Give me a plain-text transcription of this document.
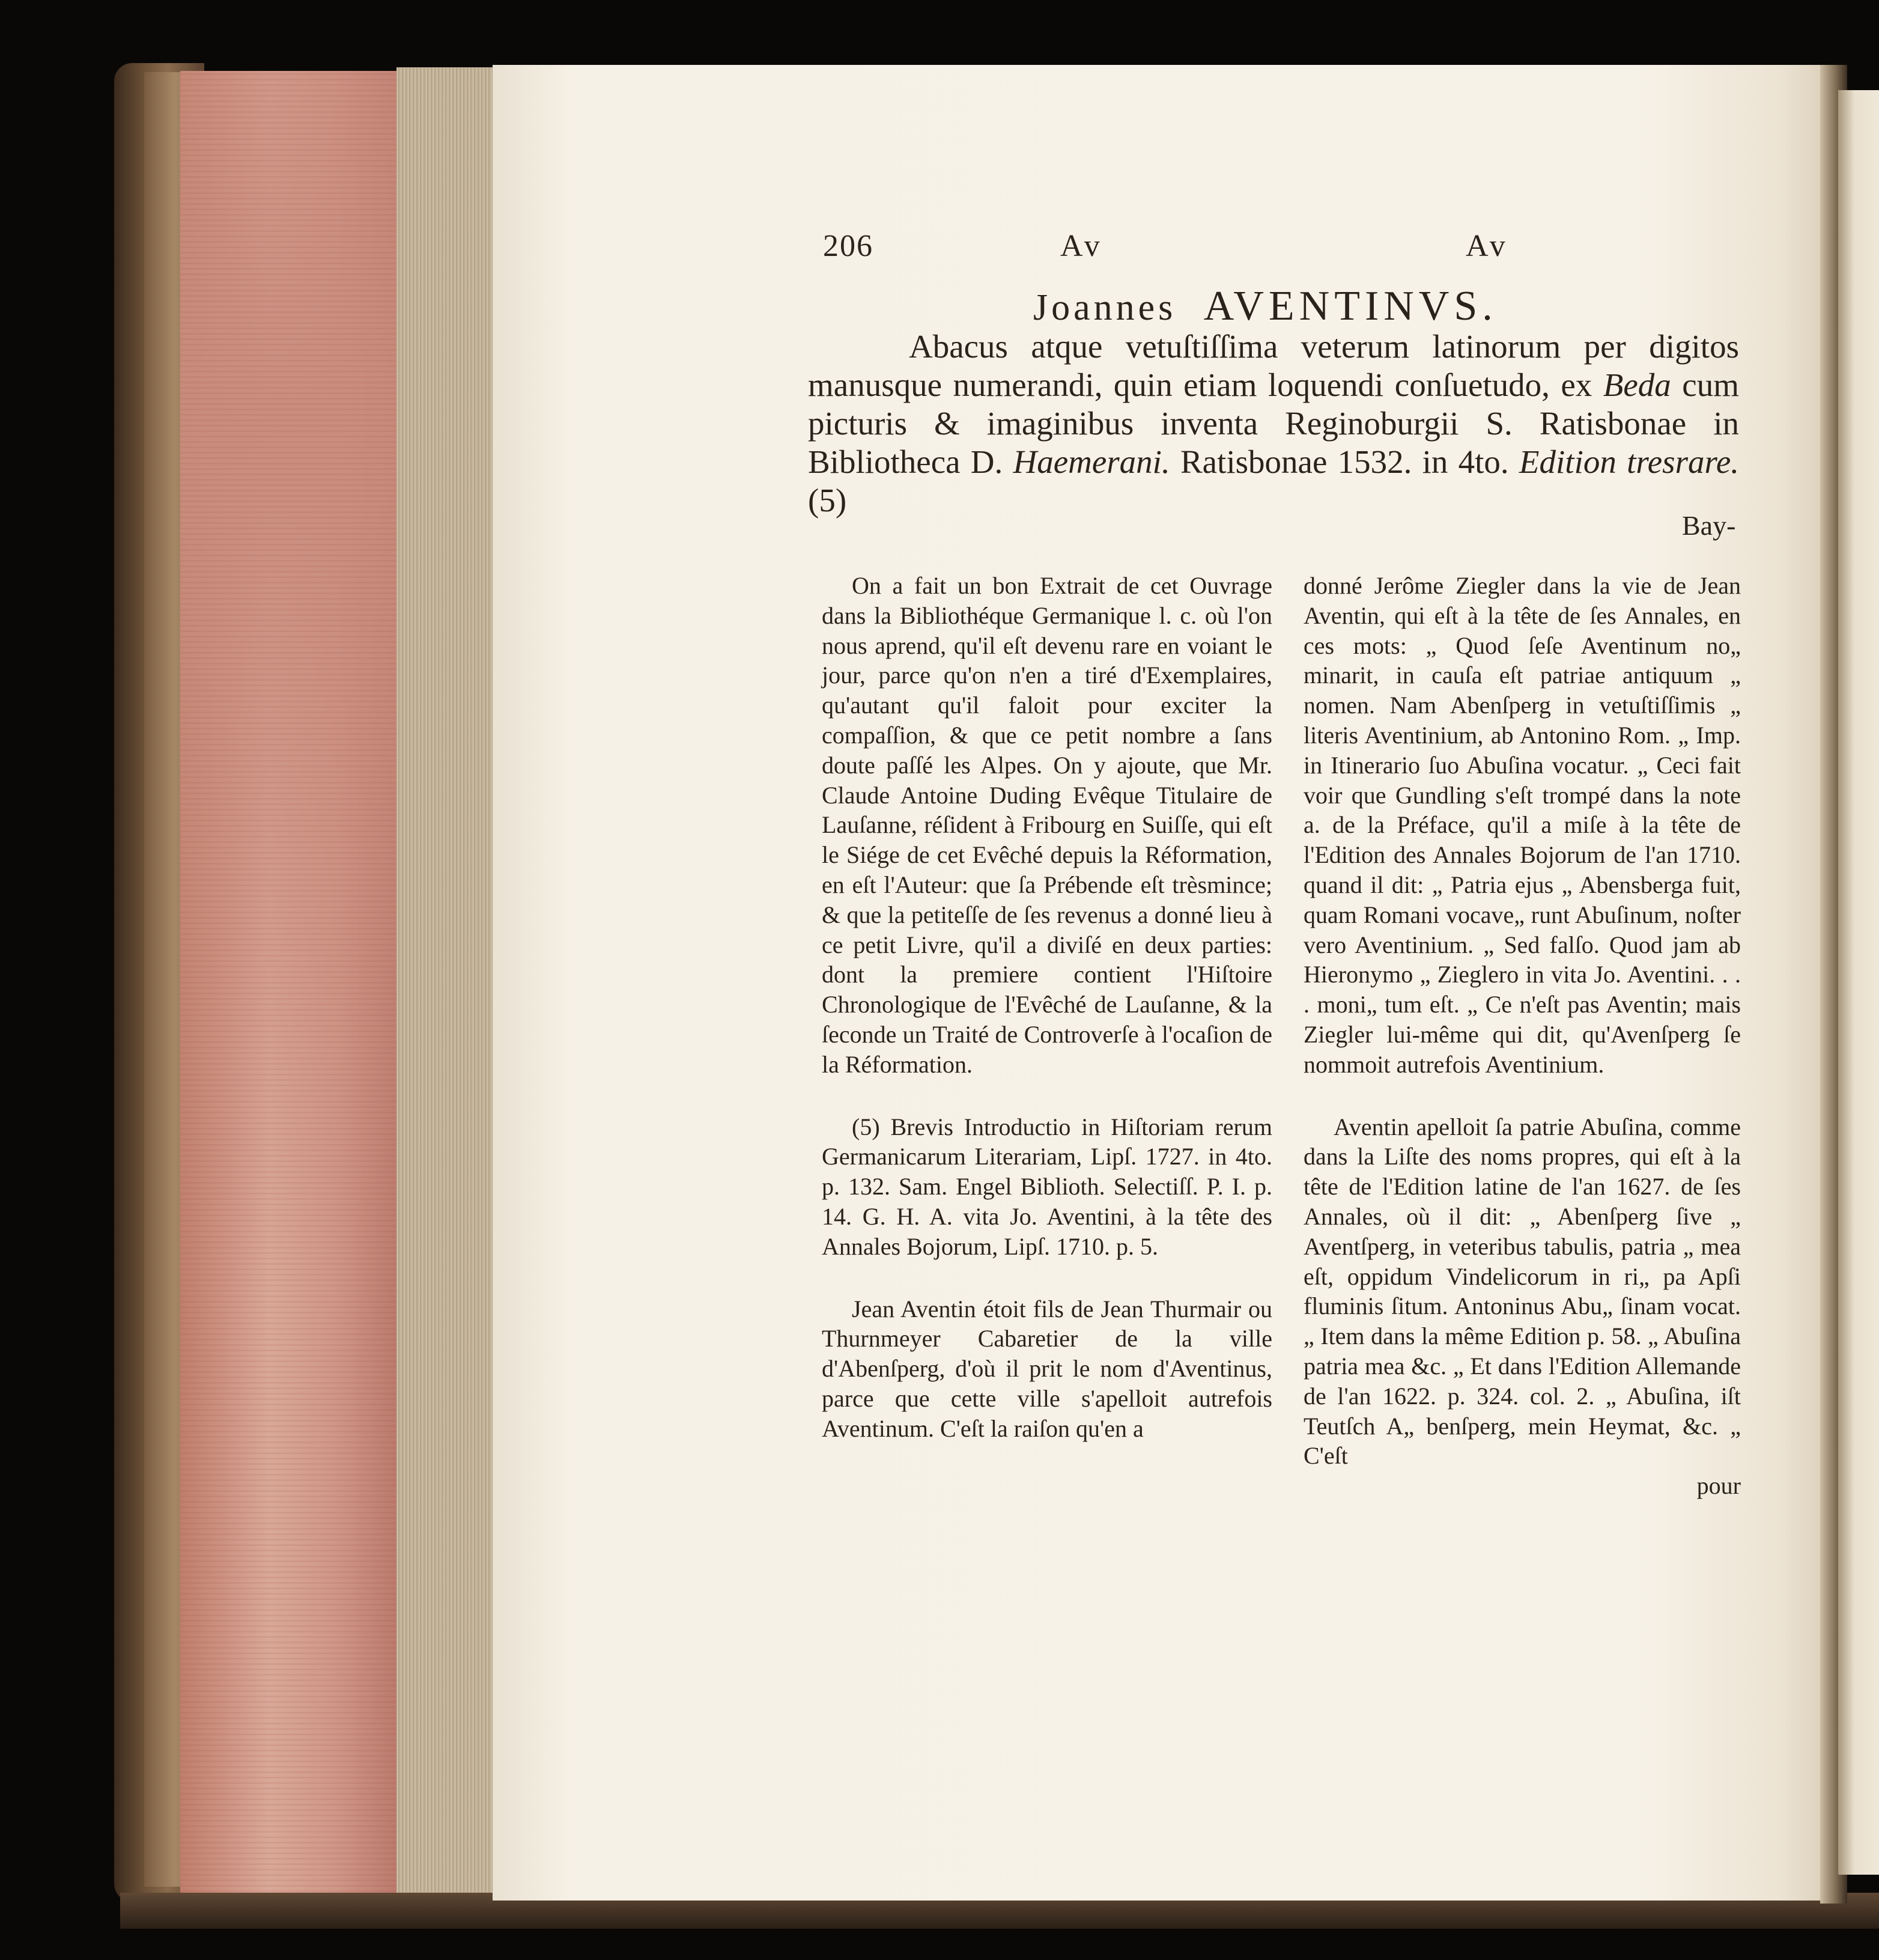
206	Av	Av
Joannes AVENTINVS.

Abacus atque vetuſtiſſima veterum latinorum per digitos manusque numerandi, quin etiam loquendi conſuetudo, ex Beda cum picturis & imaginibus inventa Reginoburgii S. Ratisbonae in Bibliotheca D. Haemerani. Ratisbonae 1532. in 4to. Edition tresrare. (5)

Bay-

On a fait un bon Extrait de cet Ouvrage dans la Bibliothéque Germanique l. c. où l'on nous aprend, qu'il eſt devenu rare en voiant le jour, parce qu'on n'en a tiré d'Exemplaires, qu'autant qu'il faloit pour exciter la compaſſion, & que ce petit nombre a ſans doute paſſé les Alpes. On y ajoute, que Mr. Claude Antoine Duding Evêque Titulaire de Lauſanne, réſident à Fribourg en Suiſſe, qui eſt le Siége de cet Evêché depuis la Réformation, en eſt l'Auteur: que ſa Prébende eſt trèsmince; & que la petiteſſe de ſes revenus a donné lieu à ce petit Livre, qu'il a diviſé en deux parties: dont la premiere contient l'Hiſtoire Chronologique de l'Evêché de Lauſanne, & la ſeconde un Traité de Controverſe à l'ocaſion de la Réformation.

(5) Brevis Introductio in Hiſtoriam rerum Germanicarum Literariam, Lipſ. 1727. in 4to. p. 132. Sam. Engel Biblioth. Selectiſſ. P. I. p. 14. G. H. A. vita Jo. Aventini, à la tête des Annales Bojorum, Lipſ. 1710. p. 5.

Jean Aventin étoit fils de Jean Thurmair ou Thurnmeyer Cabaretier de la ville d'Abenſperg, d'où il prit le nom d'Aventinus, parce que cette ville s'apelloit autrefois Aventinum. C'eſt la raiſon qu'en a

donné Jerôme Ziegler dans la vie de Jean Aventin, qui eſt à la tête de ſes Annales, en ces mots: „ Quod ſeſe Aventinum no„ minarit, in cauſa eſt patriae antiquum „ nomen. Nam Abenſperg in vetuſtiſſimis „ literis Aventinium, ab Antonino Rom. „ Imp. in Itinerario ſuo Abuſina vocatur. „ Ceci fait voir que Gundling s'eſt trompé dans la note a. de la Préface, qu'il a miſe à la tête de l'Edition des Annales Bojorum de l'an 1710. quand il dit: „ Patria ejus „ Abensberga fuit, quam Romani vocave„ runt Abuſinum, noſter vero Aventinium. „ Sed falſo. Quod jam ab Hieronymo „ Zieglero in vita Jo. Aventini. . . . moni„ tum eſt. „ Ce n'eſt pas Aventin; mais Ziegler lui-même qui dit, qu'Avenſperg ſe nommoit autrefois Aventinium.

Aventin apelloit ſa patrie Abuſina, comme dans la Liſte des noms propres, qui eſt à la tête de l'Edition latine de l'an 1627. de ſes Annales, où il dit: „ Abenſperg ſive „ Aventſperg, in veteribus tabulis, patria „ mea eſt, oppidum Vindelicorum in ri„ pa Apſi fluminis ſitum. Antoninus Abu„ ſinam vocat. „ Item dans la même Edition p. 58. „ Abuſina patria mea &c. „ Et dans l'Edition Allemande de l'an 1622. p. 324. col. 2. „ Abuſina, iſt Teutſch A„ benſperg, mein Heymat, &c. „ C'eſt

pour
